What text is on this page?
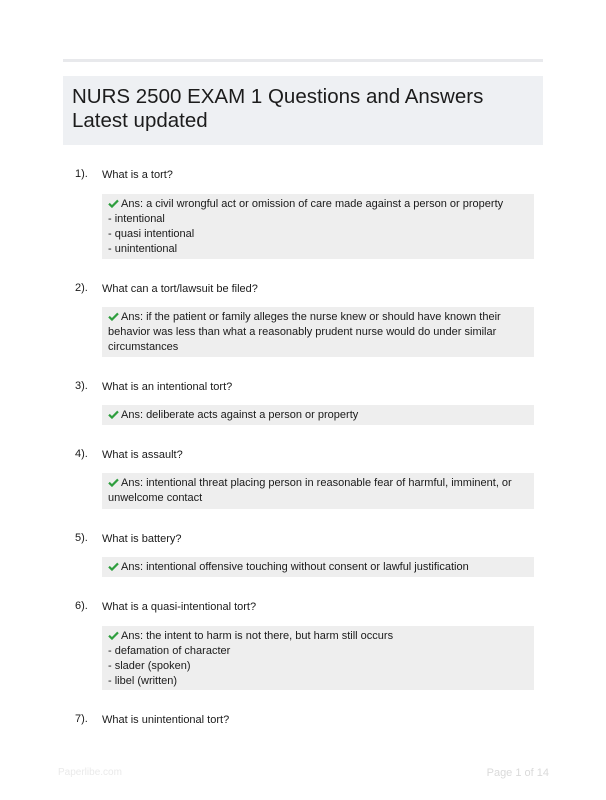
NURS 2500 EXAM 1 Questions and Answers Latest updated
1). What is a tort?
Ans: a civil wrongful act or omission of care made against a person or property
- intentional
- quasi intentional
- unintentional
2). What can a tort/lawsuit be filed?
Ans: if the patient or family alleges the nurse knew or should have known their behavior was less than what a reasonably prudent nurse would do under similar circumstances
3). What is an intentional tort?
Ans: deliberate acts against a person or property
4). What is assault?
Ans: intentional threat placing person in reasonable fear of harmful, imminent, or unwelcome contact
5). What is battery?
Ans: intentional offensive touching without consent or lawful justification
6). What is a quasi-intentional tort?
Ans: the intent to harm is not there, but harm still occurs
- defamation of character
- slader (spoken)
- libel (written)
7). What is unintentional tort?
Paperlibe.com	Page 1 of 14
